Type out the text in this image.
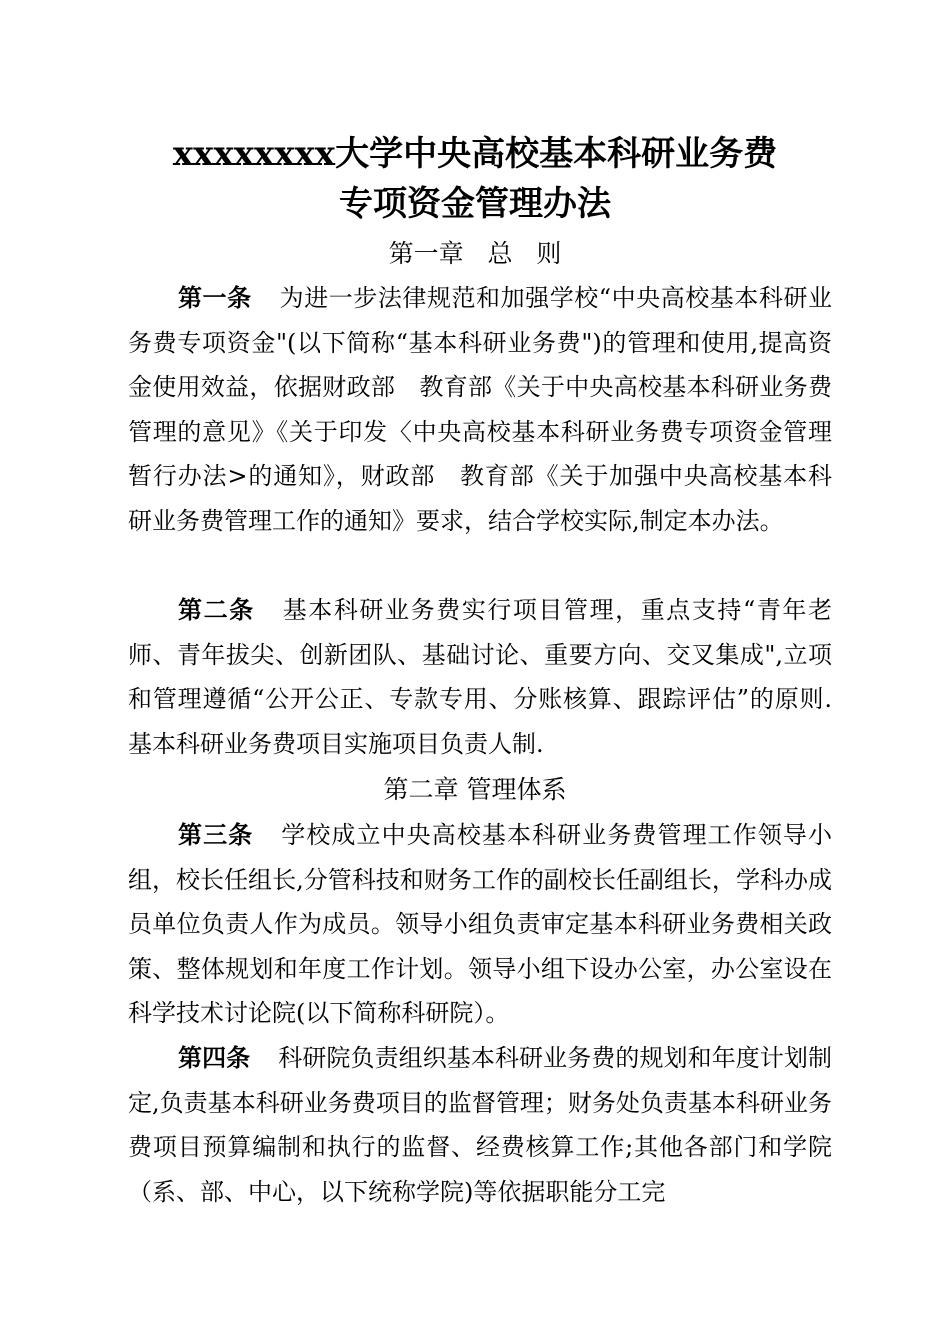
xxxxxxxx大学中央高校基本科研业务费
专项资金管理办法
第一章   总   则
第一条 为进一步法律规范和加强学校“中央高校基本科研业务费专项资金"(以下简称“基本科研业务费")的管理和使用,提高资金使用效益，依据财政部　教育部《关于中央高校基本科研业务费管理的意见》《关于印发〈中央高校基本科研业务费专项资金管理暂行办法>的通知》，财政部　教育部《关于加强中央高校基本科研业务费管理工作的通知》要求，结合学校实际,制定本办法。
第二条 基本科研业务费实行项目管理，重点支持“青年老师、青年拔尖、创新团队、基础讨论、重要方向、交叉集成",立项和管理遵循“公开公正、专款专用、分账核算、跟踪评估”的原则.基本科研业务费项目实施项目负责人制.
第二章 管理体系
第三条 学校成立中央高校基本科研业务费管理工作领导小组，校长任组长,分管科技和财务工作的副校长任副组长，学科办成员单位负责人作为成员。领导小组负责审定基本科研业务费相关政策、整体规划和年度工作计划。领导小组下设办公室，办公室设在科学技术讨论院(以下简称科研院）。
第四条 科研院负责组织基本科研业务费的规划和年度计划制定,负责基本科研业务费项目的监督管理；财务处负责基本科研业务费项目预算编制和执行的监督、经费核算工作;其他各部门和学院（系、部、中心，以下统称学院)等依据职能分工完
